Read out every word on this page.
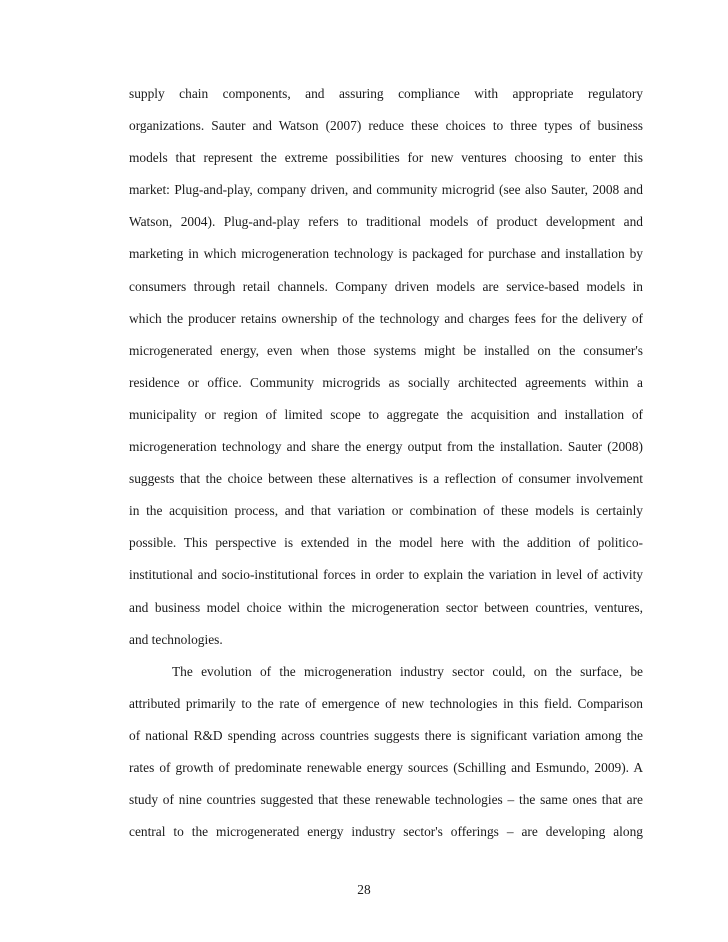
supply chain components, and assuring compliance with appropriate regulatory
organizations. Sauter and Watson (2007) reduce these choices to three types of business
models that represent the extreme possibilities for new ventures choosing to enter this
market: Plug-and-play, company driven, and community microgrid (see also Sauter, 2008 and
Watson, 2004). Plug-and-play refers to traditional models of product development and
marketing in which microgeneration technology is packaged for purchase and installation by
consumers through retail channels. Company driven models are service-based models in
which the producer retains ownership of the technology and charges fees for the delivery of
microgenerated energy, even when those systems might be installed on the consumer's
residence or office. Community microgrids as socially architected agreements within a
municipality or region of limited scope to aggregate the acquisition and installation of
microgeneration technology and share the energy output from the installation. Sauter (2008)
suggests that the choice between these alternatives is a reflection of consumer involvement
in the acquisition process, and that variation or combination of these models is certainly
possible. This perspective is extended in the model here with the addition of politico-
institutional and socio-institutional forces in order to explain the variation in level of activity
and business model choice within the microgeneration sector between countries, ventures,
and technologies.
The evolution of the microgeneration industry sector could, on the surface, be
attributed primarily to the rate of emergence of new technologies in this field. Comparison
of national R&D spending across countries suggests there is significant variation among the
rates of growth of predominate renewable energy sources (Schilling and Esmundo, 2009). A
study of nine countries suggested that these renewable technologies – the same ones that are
central to the microgenerated energy industry sector's offerings – are developing along
28
